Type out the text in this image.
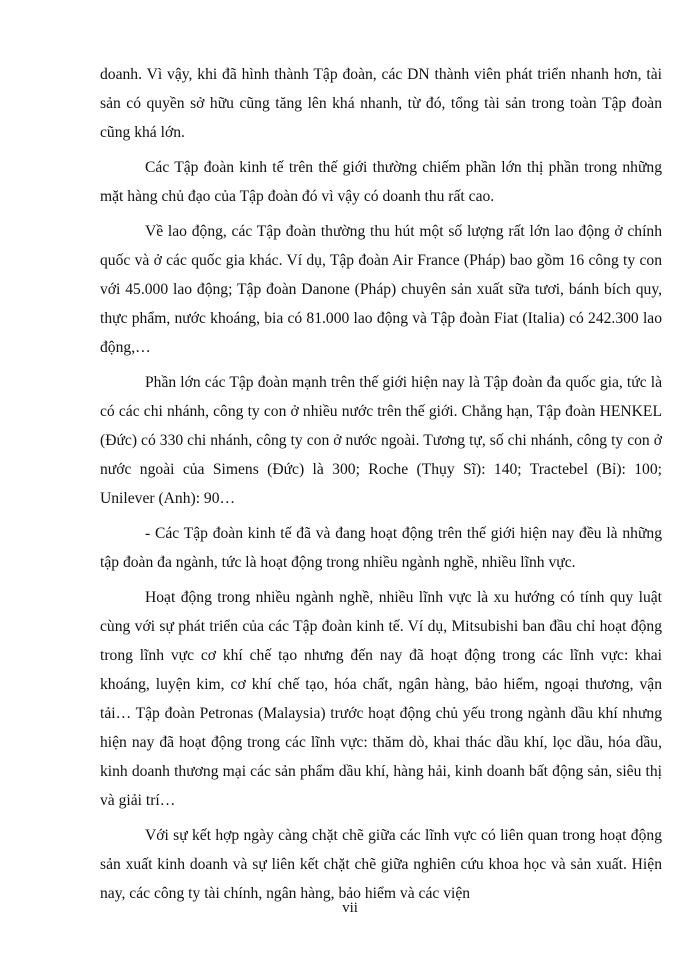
doanh. Vì vậy, khi đã hình thành Tập đoàn, các DN thành viên phát triển nhanh hơn, tài sản có quyền sở hữu cũng tăng lên khá nhanh, từ đó, tổng tài sản trong toàn Tập đoàn cũng khá lớn.

Các Tập đoàn kinh tế trên thế giới thường chiếm phần lớn thị phần trong những mặt hàng chủ đạo của Tập đoàn đó vì vậy có doanh thu rất cao.

Về lao động, các Tập đoàn thường thu hút một số lượng rất lớn lao động ở chính quốc và ở các quốc gia khác. Ví dụ, Tập đoàn Air France (Pháp) bao gồm 16 công ty con với 45.000 lao động; Tập đoàn Danone (Pháp) chuyên sản xuất sữa tươi, bánh bích quy, thực phẩm, nước khoáng, bia có 81.000 lao động và Tập đoàn Fiat (Italia) có 242.300 lao động,…

Phần lớn các Tập đoàn mạnh trên thế giới hiện nay là Tập đoàn đa quốc gia, tức là có các chi nhánh, công ty con ở nhiều nước trên thế giới. Chẳng hạn, Tập đoàn HENKEL (Đức) có 330 chi nhánh, công ty con ở nước ngoài. Tương tự, số chi nhánh, công ty con ở nước ngoài của Simens (Đức) là 300; Roche (Thụy Sĩ): 140; Tractebel (Bỉ): 100; Unilever (Anh): 90…

- Các Tập đoàn kinh tế đã và đang hoạt động trên thế giới hiện nay đều là những tập đoàn đa ngành, tức là hoạt động trong nhiều ngành nghề, nhiều lĩnh vực.

Hoạt động trong nhiều ngành nghề, nhiều lĩnh vực là xu hướng có tính quy luật cùng với sự phát triển của các Tập đoàn kinh tế. Ví dụ, Mitsubishi ban đầu chỉ hoạt động trong lĩnh vực cơ khí chế tạo nhưng đến nay đã hoạt động trong các lĩnh vực: khai khoáng, luyện kim, cơ khí chế tạo, hóa chất, ngân hàng, bảo hiểm, ngoại thương, vận tải… Tập đoàn Petronas (Malaysia) trước hoạt động chủ yếu trong ngành dầu khí nhưng hiện nay đã hoạt động trong các lĩnh vực: thăm dò, khai thác dầu khí, lọc dầu, hóa dầu, kinh doanh thương mại các sản phẩm dầu khí, hàng hải, kinh doanh bất động sản, siêu thị và giải trí…

Với sự kết hợp ngày càng chặt chẽ giữa các lĩnh vực có liên quan trong hoạt động sản xuất kinh doanh và sự liên kết chặt chẽ giữa nghiên cứu khoa học và sản xuất. Hiện nay, các công ty tài chính, ngân hàng, bảo hiểm và các viện

vii
